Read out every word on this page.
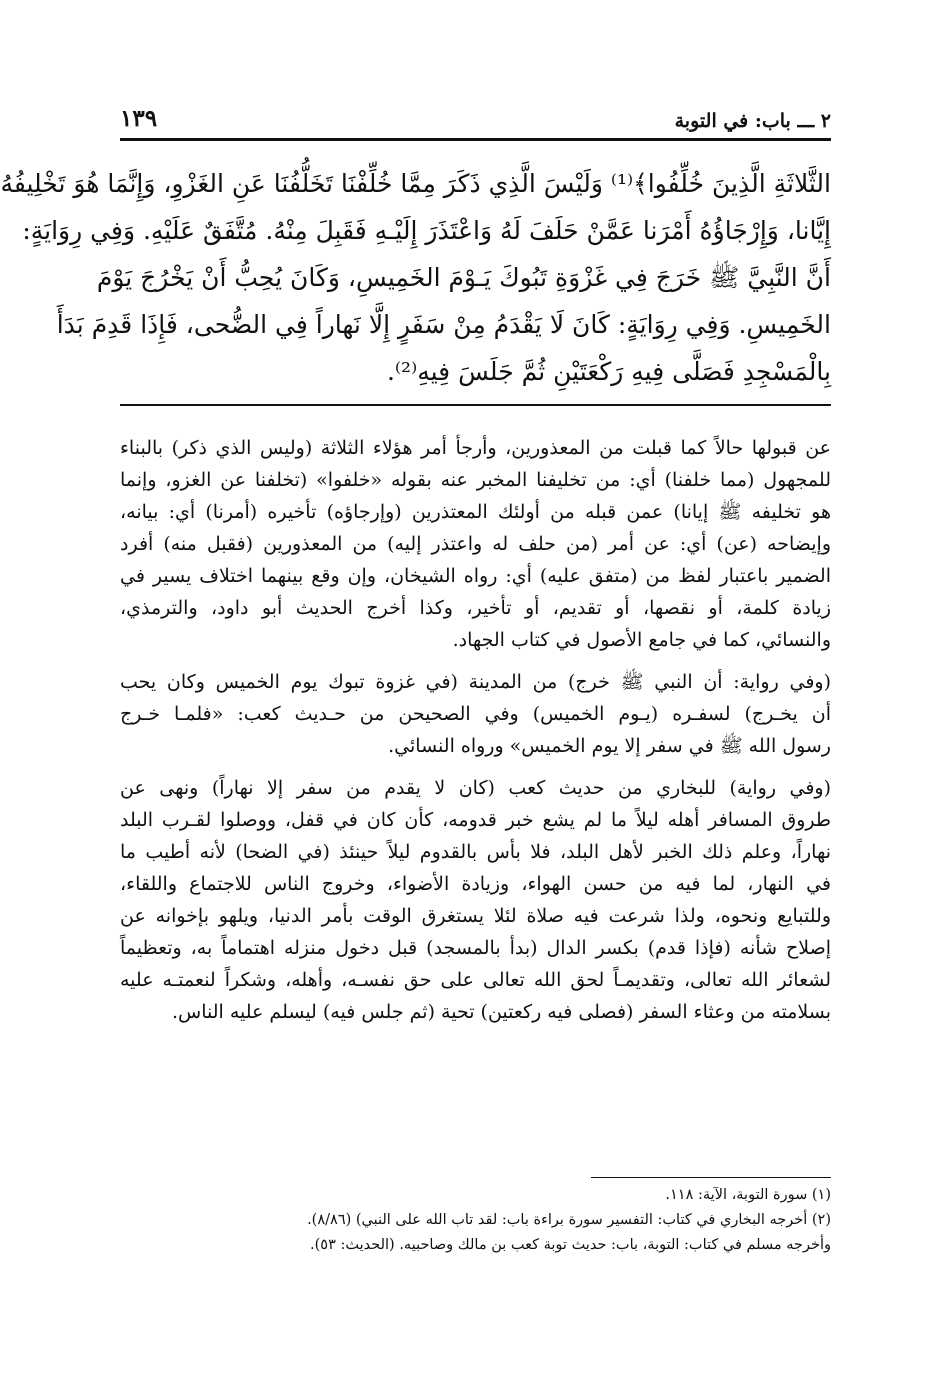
٢ ـــ باب: في التوبة
١٣٩
الثَّلاثَةِ الَّذِينَ خُلِّفُوا﴾⁽¹⁾ وَلَيْسَ الَّذِي ذَكَرَ مِمَّا خُلِّفْنَا تَخَلُّفُنَا عَنِ الغَزْوِ، وَإِنَّمَا هُوَ تَخْلِيفُهُ
إِيَّانا، وَإِرْجَاؤُهُ أَمْرَنا عَمَّنْ حَلَفَ لَهُ وَاعْتَذَرَ إِلَيْـهِ فَقَبِلَ مِنْهُ. مُتَّفَقٌ عَلَيْهِ. وَفِي رِوَايَةٍ:
أَنَّ النَّبِيَّ ﷺ خَرَجَ فِي غَزْوَةِ تَبُوكَ يَـوْمَ الخَمِيسِ، وَكَانَ يُحِبُّ أَنْ يَخْرُجَ يَوْمَ
الخَمِيسِ. وَفِي رِوَايَةٍ: كَانَ لَا يَقْدَمُ مِنْ سَفَرٍ إِلَّا نَهاراً فِي الضُّحى، فَإِذَا قَدِمَ بَدَأَ
بِالْمَسْجِدِ فَصَلَّى فِيهِ رَكْعَتَيْنِ ثُمَّ جَلَسَ فِيهِ⁽²⁾.
عن قبولها حالاً كما قبلت من المعذورين، وأرجأ أمر هؤلاء الثلاثة (وليس الذي ذكر) بالبناء
للمجهول (مما خلفنا) أي: من تخليفنا المخبر عنه بقوله «خلفوا» (تخلفنا عن الغزو، وإنما
هو تخليفه ﷺ إيانا) عمن قبله من أولئك المعتذرين (وإرجاؤه) تأخيره (أمرنا) أي: بيانه،
وإيضاحه (عن) أي: عن أمر (من حلف له واعتذر إليه) من المعذورين (فقبل منه) أفرد
الضمير باعتبار لفظ من (متفق عليه) أي: رواه الشيخان، وإن وقع بينهما اختلاف يسير في
زيادة كلمة، أو نقصها، أو تقديم، أو تأخير، وكذا أخرج الحديث أبو داود، والترمذي،
والنسائي، كما في جامع الأصول في كتاب الجهاد.
(وفي رواية: أن النبي ﷺ خرج) من المدينة (في غزوة تبوك يوم الخميس وكان يحب
أن يخـرج) لسفـره (يـوم الخميس) وفي الصحيحن من حـديث كعب: «فلمـا خـرج
رسول الله ﷺ في سفر إلا يوم الخميس» ورواه النسائي.
(وفي رواية) للبخاري من حديث كعب (كان لا يقدم من سفر إلا نهاراً) ونهى عن
طروق المسافر أهله ليلاً ما لم يشع خبر قدومه، كأن كان في قفل، ووصلوا لقـرب البلد
نهاراً، وعلم ذلك الخبر لأهل البلد، فلا بأس بالقدوم ليلاً حينئذ (في الضحا) لأنه أطيب ما
في النهار، لما فيه من حسن الهواء، وزيادة الأضواء، وخروج الناس للاجتماع واللقاء،
وللتبايع ونحوه، ولذا شرعت فيه صلاة لئلا يستغرق الوقت بأمر الدنيا، ويلهو بإخوانه عن
إصلاح شأنه (فإذا قدم) بكسر الدال (بدأ بالمسجد) قبل دخول منزله اهتماماً به، وتعظيماً
لشعائر الله تعالى، وتقديمـاً لحق الله تعالى على حق نفسـه، وأهله، وشكراً لنعمتـه عليه
بسلامته من وعثاء السفر (فصلى فيه ركعتين) تحية (ثم جلس فيه) ليسلم عليه الناس.
(١) سورة التوبة، الآية: ١١٨.
(٢) أخرجه البخاري في كتاب: التفسير سورة براءة باب: لقد تاب الله على النبي) (٨/٨٦).
وأخرجه مسلم في كتاب: التوبة، باب: حديث توبة كعب بن مالك وصاحبيه. (الحديث: ٥٣).
